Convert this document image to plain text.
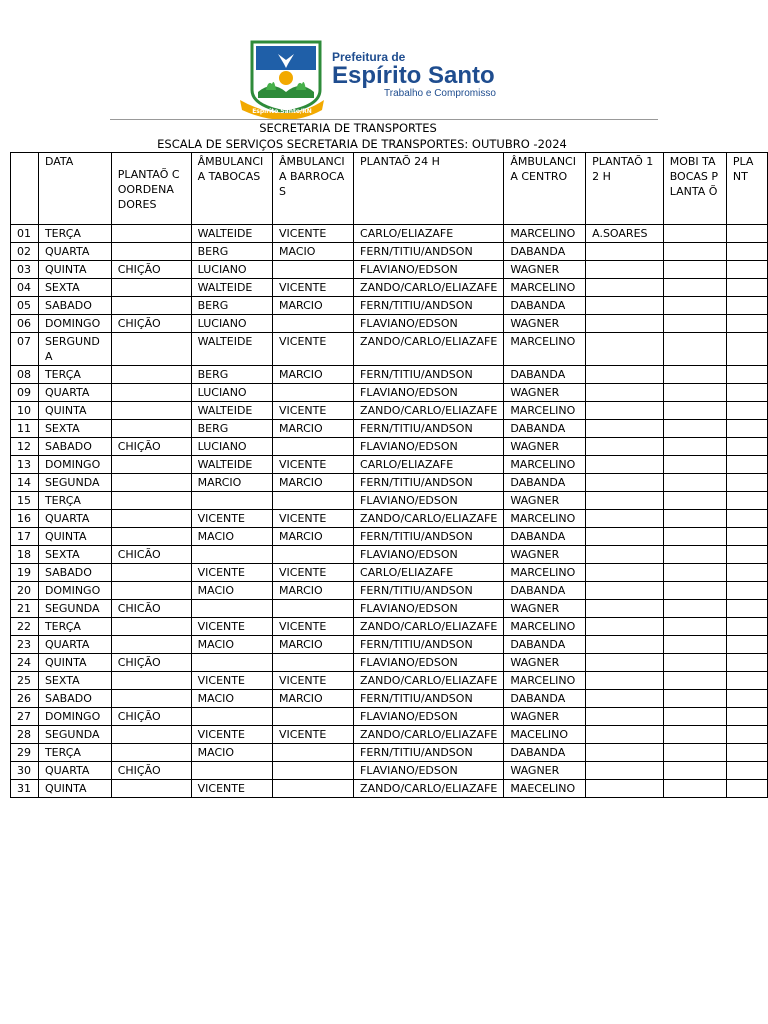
Espírito Santo/RN
Prefeitura de
Espírito Santo
Trabalho e Compromisso
SECRETARIA DE TRANSPORTES
ESCALA DE SERVIÇOS SECRETARIA DE TRANSPORTES: OUTUBRO -2024
	DATA	PLANTAÕ COORDENA DORES	ÂMBULANCI A TABOCAS	ÂMBULANCI A BARROCAS	PLANTAÕ 24 H	ÂMBULANCI A CENTRO	PLANTAÕ 12 H	MOBI TABOCAS PLANTA Õ	PLANT
01	TERÇA		WALTEIDE	VICENTE	CARLO/ELIAZAFE	MARCELINO	A.SOARES		
02	QUARTA		BERG	MACIO	FERN/TITIU/ANDSON	DABANDA			
03	QUINTA	CHIÇÃO	LUCIANO		FLAVIANO/EDSON	WAGNER			
04	SEXTA		WALTEIDE	VICENTE	ZANDO/CARLO/ELIAZAFE	MARCELINO			
05	SABADO		BERG	MARCIO	FERN/TITIU/ANDSON	DABANDA			
06	DOMINGO	CHIÇÃO	LUCIANO		FLAVIANO/EDSON	WAGNER			
07	SERGUND A		WALTEIDE	VICENTE	ZANDO/CARLO/ELIAZAFE	MARCELINO			
08	TERÇA		BERG	MARCIO	FERN/TITIU/ANDSON	DABANDA			
09	QUARTA		LUCIANO		FLAVIANO/EDSON	WAGNER			
10	QUINTA		WALTEIDE	VICENTE	ZANDO/CARLO/ELIAZAFE	MARCELINO			
11	SEXTA		BERG	MARCIO	FERN/TITIU/ANDSON	DABANDA			
12	SABADO	CHIÇÃO	LUCIANO		FLAVIANO/EDSON	WAGNER			
13	DOMINGO		WALTEIDE	VICENTE	CARLO/ELIAZAFE	MARCELINO			
14	SEGUNDA		MARCIO	MARCIO	FERN/TITIU/ANDSON	DABANDA			
15	TERÇA				FLAVIANO/EDSON	WAGNER			
16	QUARTA		VICENTE	VICENTE	ZANDO/CARLO/ELIAZAFE	MARCELINO			
17	QUINTA		MACIO	MARCIO	FERN/TITIU/ANDSON	DABANDA			
18	SEXTA	CHICÃO			FLAVIANO/EDSON	WAGNER			
19	SABADO		VICENTE	VICENTE	CARLO/ELIAZAFE	MARCELINO			
20	DOMINGO		MACIO	MARCIO	FERN/TITIU/ANDSON	DABANDA			
21	SEGUNDA	CHICÃO			FLAVIANO/EDSON	WAGNER			
22	TERÇA		VICENTE	VICENTE	ZANDO/CARLO/ELIAZAFE	MARCELINO			
23	QUARTA		MACIO	MARCIO	FERN/TITIU/ANDSON	DABANDA			
24	QUINTA	CHIÇÃO			FLAVIANO/EDSON	WAGNER			
25	SEXTA		VICENTE	VICENTE	ZANDO/CARLO/ELIAZAFE	MARCELINO			
26	SABADO		MACIO	MARCIO	FERN/TITIU/ANDSON	DABANDA			
27	DOMINGO	CHIÇÃO			FLAVIANO/EDSON	WAGNER			
28	SEGUNDA		VICENTE	VICENTE	ZANDO/CARLO/ELIAZAFE	MACELINO			
29	TERÇA		MACIO		FERN/TITIU/ANDSON	DABANDA			
30	QUARTA	CHIÇÃO			FLAVIANO/EDSON	WAGNER			
31	QUINTA		VICENTE		ZANDO/CARLO/ELIAZAFE	MAECELINO			
